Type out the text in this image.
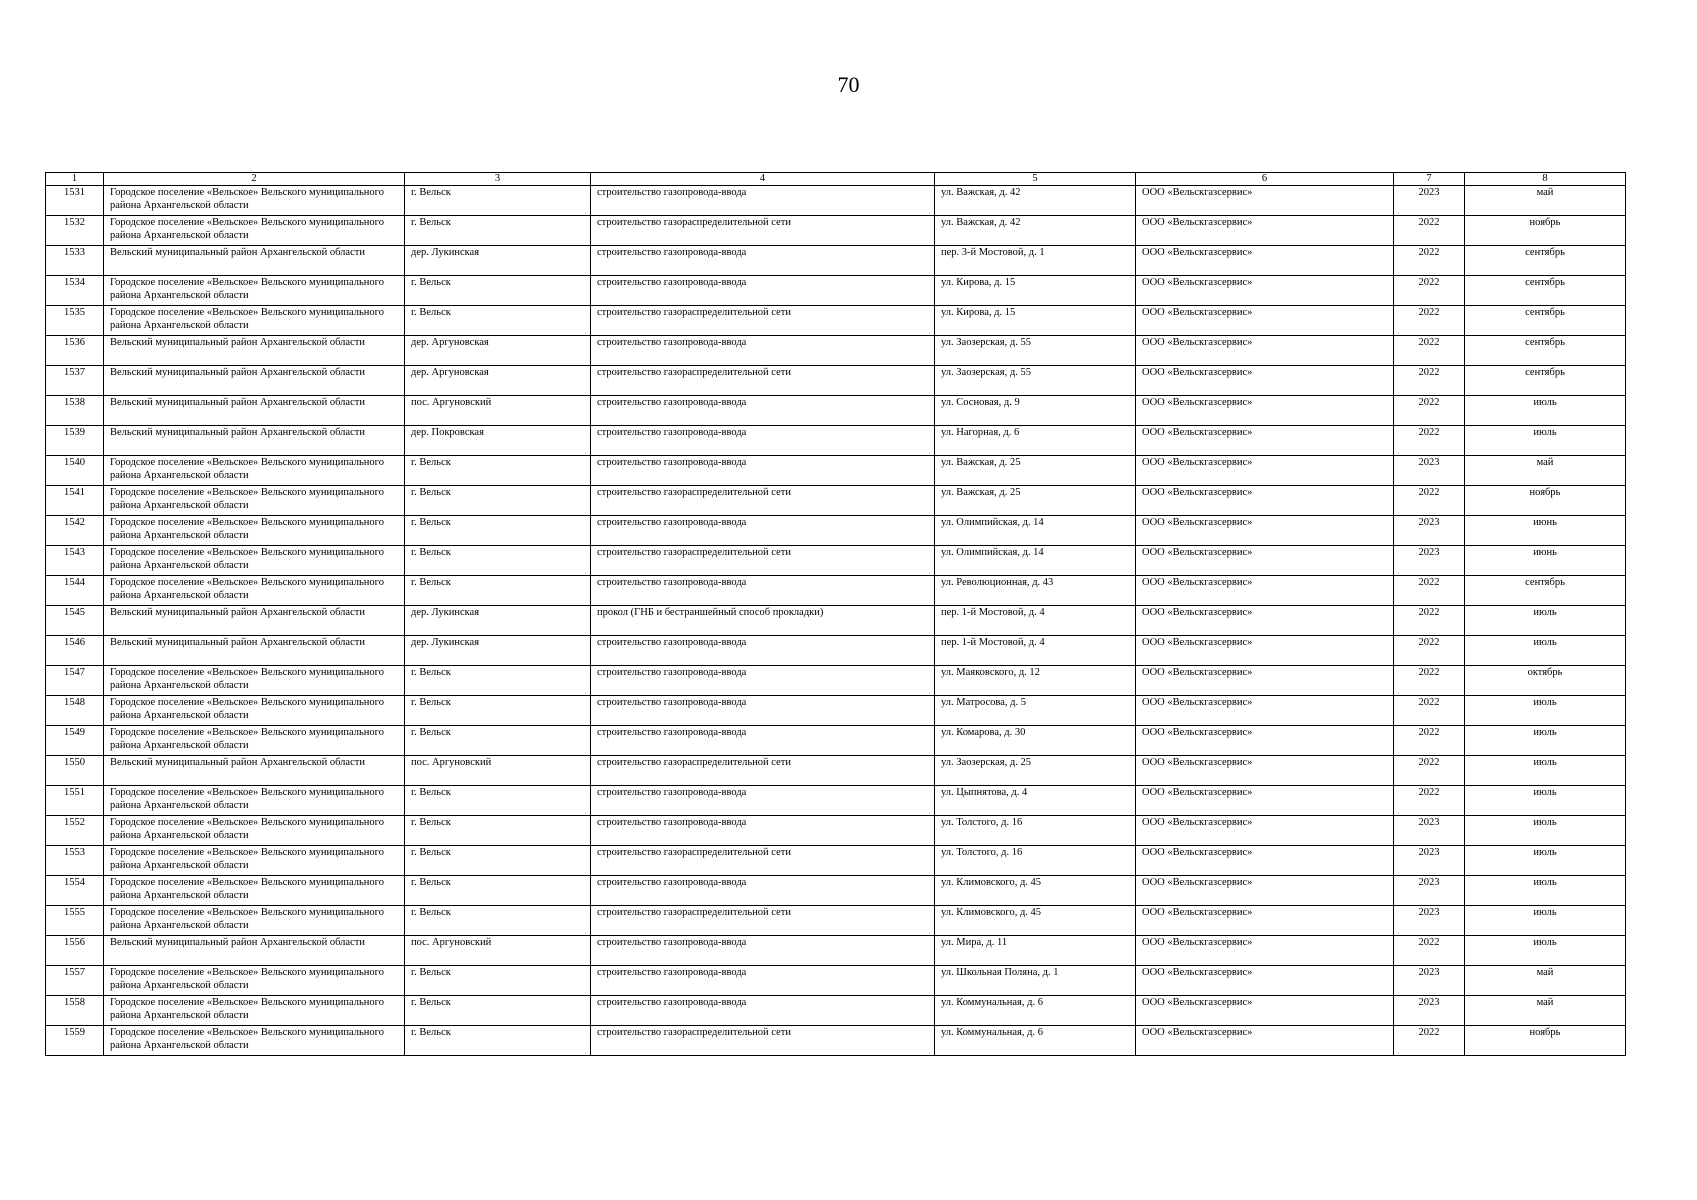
70
1	2	3	4	5	6	7	8
1531	Городское поселение «Вельское» Вельского муниципального района Архангельской области	г. Вельск	строительство газопровода-ввода	ул. Важская, д. 42	ООО «Вельскгазсервис»	2023	май
1532	Городское поселение «Вельское» Вельского муниципального района Архангельской области	г. Вельск	строительство газораспределительной сети	ул. Важская, д. 42	ООО «Вельскгазсервис»	2022	ноябрь
1533	Вельский муниципальный район Архангельской области	дер. Лукинская	строительство газопровода-ввода	пер. 3-й Мостовой, д. 1	ООО «Вельскгазсервис»	2022	сентябрь
1534	Городское поселение «Вельское» Вельского муниципального района Архангельской области	г. Вельск	строительство газопровода-ввода	ул. Кирова, д. 15	ООО «Вельскгазсервис»	2022	сентябрь
1535	Городское поселение «Вельское» Вельского муниципального района Архангельской области	г. Вельск	строительство газораспределительной сети	ул. Кирова, д. 15	ООО «Вельскгазсервис»	2022	сентябрь
1536	Вельский муниципальный район Архангельской области	дер. Аргуновская	строительство газопровода-ввода	ул. Заозерская, д. 55	ООО «Вельскгазсервис»	2022	сентябрь
1537	Вельский муниципальный район Архангельской области	дер. Аргуновская	строительство газораспределительной сети	ул. Заозерская, д. 55	ООО «Вельскгазсервис»	2022	сентябрь
1538	Вельский муниципальный район Архангельской области	пос. Аргуновский	строительство газопровода-ввода	ул. Сосновая, д. 9	ООО «Вельскгазсервис»	2022	июль
1539	Вельский муниципальный район Архангельской области	дер. Покровская	строительство газопровода-ввода	ул. Нагорная, д. 6	ООО «Вельскгазсервис»	2022	июль
1540	Городское поселение «Вельское» Вельского муниципального района Архангельской области	г. Вельск	строительство газопровода-ввода	ул. Важская, д. 25	ООО «Вельскгазсервис»	2023	май
1541	Городское поселение «Вельское» Вельского муниципального района Архангельской области	г. Вельск	строительство газораспределительной сети	ул. Важская, д. 25	ООО «Вельскгазсервис»	2022	ноябрь
1542	Городское поселение «Вельское» Вельского муниципального района Архангельской области	г. Вельск	строительство газопровода-ввода	ул. Олимпийская, д. 14	ООО «Вельскгазсервис»	2023	июнь
1543	Городское поселение «Вельское» Вельского муниципального района Архангельской области	г. Вельск	строительство газораспределительной сети	ул. Олимпийская, д. 14	ООО «Вельскгазсервис»	2023	июнь
1544	Городское поселение «Вельское» Вельского муниципального района Архангельской области	г. Вельск	строительство газопровода-ввода	ул. Революционная, д. 43	ООО «Вельскгазсервис»	2022	сентябрь
1545	Вельский муниципальный район Архангельской области	дер. Лукинская	прокол (ГНБ и бестраншейный способ прокладки)	пер. 1-й Мостовой, д. 4	ООО «Вельскгазсервис»	2022	июль
1546	Вельский муниципальный район Архангельской области	дер. Лукинская	строительство газопровода-ввода	пер. 1-й Мостовой, д. 4	ООО «Вельскгазсервис»	2022	июль
1547	Городское поселение «Вельское» Вельского муниципального района Архангельской области	г. Вельск	строительство газопровода-ввода	ул. Маяковского, д. 12	ООО «Вельскгазсервис»	2022	октябрь
1548	Городское поселение «Вельское» Вельского муниципального района Архангельской области	г. Вельск	строительство газопровода-ввода	ул. Матросова, д. 5	ООО «Вельскгазсервис»	2022	июль
1549	Городское поселение «Вельское» Вельского муниципального района Архангельской области	г. Вельск	строительство газопровода-ввода	ул. Комарова, д. 30	ООО «Вельскгазсервис»	2022	июль
1550	Вельский муниципальный район Архангельской области	пос. Аргуновский	строительство газораспределительной сети	ул. Заозерская, д. 25	ООО «Вельскгазсервис»	2022	июль
1551	Городское поселение «Вельское» Вельского муниципального района Архангельской области	г. Вельск	строительство газопровода-ввода	ул. Цыпнятова, д. 4	ООО «Вельскгазсервис»	2022	июль
1552	Городское поселение «Вельское» Вельского муниципального района Архангельской области	г. Вельск	строительство газопровода-ввода	ул. Толстого, д. 16	ООО «Вельскгазсервис»	2023	июль
1553	Городское поселение «Вельское» Вельского муниципального района Архангельской области	г. Вельск	строительство газораспределительной сети	ул. Толстого, д. 16	ООО «Вельскгазсервис»	2023	июль
1554	Городское поселение «Вельское» Вельского муниципального района Архангельской области	г. Вельск	строительство газопровода-ввода	ул. Климовского, д. 45	ООО «Вельскгазсервис»	2023	июль
1555	Городское поселение «Вельское» Вельского муниципального района Архангельской области	г. Вельск	строительство газораспределительной сети	ул. Климовского, д. 45	ООО «Вельскгазсервис»	2023	июль
1556	Вельский муниципальный район Архангельской области	пос. Аргуновский	строительство газопровода-ввода	ул. Мира, д. 11	ООО «Вельскгазсервис»	2022	июль
1557	Городское поселение «Вельское» Вельского муниципального района Архангельской области	г. Вельск	строительство газопровода-ввода	ул. Школьная Поляна, д. 1	ООО «Вельскгазсервис»	2023	май
1558	Городское поселение «Вельское» Вельского муниципального района Архангельской области	г. Вельск	строительство газопровода-ввода	ул. Коммунальная, д. 6	ООО «Вельскгазсервис»	2023	май
1559	Городское поселение «Вельское» Вельского муниципального района Архангельской области	г. Вельск	строительство газораспределительной сети	ул. Коммунальная, д. 6	ООО «Вельскгазсервис»	2022	ноябрь
